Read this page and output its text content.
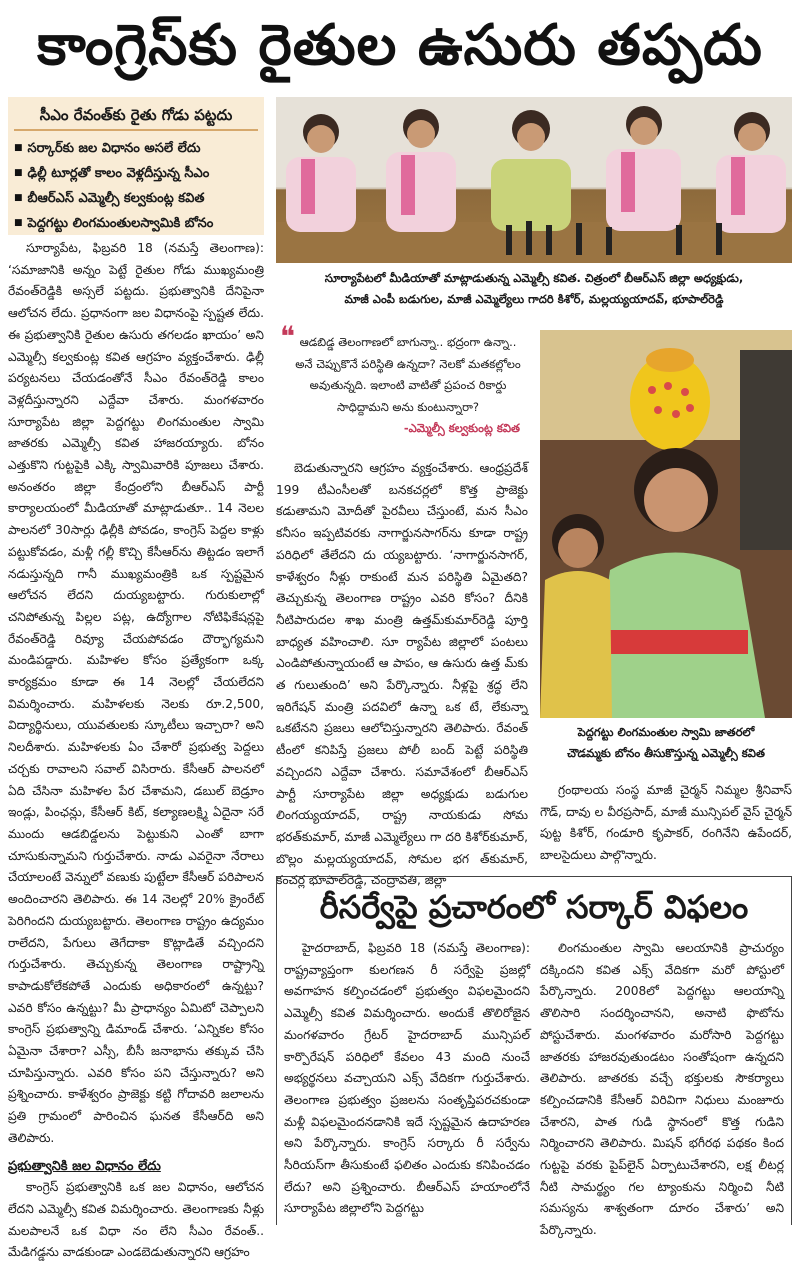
కాంగ్రెస్‌కు రైతుల ఉసురు తప్పదు
సీఎం రేవంత్‌కు రైతు గోడు పట్టదు
■ సర్కార్‌కు జల విధానం అసలే లేదు
■ ఢిల్లీ టూర్లతో కాలం వెళ్లదీస్తున్న సీఎం
■ బీఆర్‌ఎస్ ఎమ్మెల్సీ కల్వకుంట్ల కవిత
■ పెద్దగట్టు లింగమంతులస్వామికి బోనం
సూర్యాపేటలో మీడియాతో మాట్లాడుతున్న ఎమ్మెల్సీ కవిత. చిత్రంలో బీఆర్‌ఎస్ జిల్లా అధ్యక్షుడు,
మాజీ ఎంపీ బడుగుల, మాజీ ఎమ్మెల్యేలు గాదరి కిశోర్, మల్లయ్యయాదవ్, భూపాల్‌రెడ్డి

సూర్యాపేట, ఫిబ్రవరి 18 (నమస్తే తెలంగాణ): ‘సమాజానికి అన్నం పెట్టే రైతుల గోడు ముఖ్యమంత్రి రేవంత్‌రెడ్డికి అస్సలే పట్టదు. ప్రభుత్వానికి దేనిపైనా ఆలోచన లేదు. ప్రధానంగా జల విధానంపై స్పష్టత లేదు. ఈ ప్రభుత్వానికి రైతుల ఉసురు తగలడం ఖాయం’ అని ఎమ్మెల్సీ కల్వకుంట్ల కవిత ఆగ్రహం వ్యక్తంచేశారు. ఢిల్లీ పర్యటనలు చేయడంతోనే సీఎం రేవంత్‌రెడ్డి కాలం వెళ్లదీస్తున్నారని ఎద్దేవా చేశారు. మంగళవారం సూర్యాపేట జిల్లా పెద్దగట్టు లింగమంతుల స్వామి జాతరకు ఎమ్మెల్సీ కవిత హాజరయ్యారు. బోనం ఎత్తుకొని గుట్టపైకి ఎక్కి స్వామివారికి పూజలు చేశారు. అనంతరం జిల్లా కేంద్రంలోని బీఆర్‌ఎస్ పార్టీ కార్యాలయంలో మీడియాతో మాట్లాడుతూ.. 14 నెలల పాలనలో 30సార్లు ఢిల్లీకి పోవడం, కాంగ్రెస్ పెద్దల కాళ్లు పట్టుకోవడం, మళ్లీ గల్లీ కొచ్చి కేసీఆర్‌ను తిట్టడం ఇలాగే నడుస్తున్నది గానీ ముఖ్యమంత్రికి ఒక స్పష్టమైన ఆలోచన లేదని దుయ్యబట్టారు. గురుకులాల్లో చనిపోతున్న పిల్లల పట్ల, ఉద్యోగాల నోటిఫికేషన్లపై రేవంత్‌రెడ్డి రివ్యూ చేయపోవడం దౌర్భాగ్యమని మండిపడ్డారు. మహిళల కోసం ప్రత్యేకంగా ఒక్క కార్యక్రమం కూడా ఈ 14 నెలల్లో చేయలేదని విమర్శించారు. మహిళలకు నెలకు రూ.2,500, విద్యార్థినులు, యువతులకు స్కూటీలు ఇచ్చారా? అని నిలదీశారు. మహిళలకు ఏం చేశారో ప్రభుత్వ పెద్దలు చర్చకు రావాలని సవాల్ విసిరారు. కేసీఆర్ పాలనలో ఏది చేసినా మహిళల పేర చేశామని, డబుల్ బెడ్రూం ఇండ్లు, పింఛన్లు, కేసీఆర్ కిట్, కల్యాణలక్ష్మి ఏదైనా సరే ముందు ఆడబిడ్డలను పెట్టుకుని ఎంతో బాగా చూసుకున్నామని గుర్తుచేశారు. నాడు ఎవరైనా నేరాలు చేయాలంటే వెన్నులో వణుకు పుట్టేలా కేసీఆర్ పరిపాలన అందించారని తెలిపారు. ఈ 14 నెలల్లో 20% క్రైంరేట్ పెరిగిందని దుయ్యబట్టారు. తెలంగాణ రాష్ట్రం ఉద్యమం రాలేదని, పేగులు తెగేదాకా కొట్లాడితే వచ్చిందని గుర్తుచేశారు. తెచ్చుకున్న తెలంగాణ రాష్ట్రాన్ని కాపాడుకోలేకపోతే ఎందుకు అధికారంలో ఉన్నట్టు? ఎవరి కోసం ఉన్నట్టు? మీ ప్రాధాన్యం ఏమిటో చెప్పాలని కాంగ్రెస్ ప్రభుత్వాన్ని డిమాండ్ చేశారు. ‘ఎన్నికల కోసం ఏమైనా చేశారా? ఎస్సీ, బీసీ జనాభాను తక్కువ చేసి చూపిస్తున్నారు. ఎవరి కోసం పని చేస్తున్నారు? అని ప్రశ్నించారు. కాళేశ్వరం ప్రాజెక్టు కట్టి గోదావరి జలాలను ప్రతి గ్రామంలో పారించిన ఘనత కేసీఆర్‌ది అని తెలిపారు.

ప్రభుత్వానికి జల విధానం లేదు

కాంగ్రెస్ ప్రభుత్వానికి ఒక జల విధానం, ఆలోచన లేదని ఎమ్మెల్సీ కవిత విమర్శించారు. తెలంగాణకు నీళ్లు మలపాలనే ఒక విధా నం లేని సీఎం రేవంత్.. మేడిగడ్డను వాడకుండా ఎండబెడుతున్నారని ఆగ్రహం

❝ ఆడబిడ్డ తెలంగాణలో బాగున్నా.. భద్రంగా ఉన్నా.. అనే చెప్పుకొనే పరిస్థితి ఉన్నదా? నెలకో మతకల్లోలం అవుతున్నది. ఇలాంటి వాటితో ప్రపంచ రికార్డు సాధిద్దామని అను కుంటున్నారా?
-ఎమ్మెల్సీ కల్వకుంట్ల కవిత

బెడుతున్నారని ఆగ్రహం వ్యక్తంచేశారు. ఆంధ్రప్రదేశ్ 199 టీఎంసీలతో బనకచర్లలో కొత్త ప్రాజెక్టు కడుతామని మోదీతో పైరవీలు చేస్తుంటే, మన సీఎం కనీసం ఇప్పటివరకు నాగార్జునసాగర్‌ను కూడా రాష్ట్ర పరిధిలో తేలేదని దు య్యబట్టారు. ‘నాగార్జునసాగర్, కాళేశ్వరం నీళ్లు రాకుంటే మన పరిస్థితి ఏమైతది? తెచ్చుకున్న తెలంగాణ రాష్ట్రం ఎవరి కోసం? దీనికి నీటిపారుదల శాఖ మంత్రి ఉత్తమ్‌కుమార్‌రెడ్డి పూర్తి బాధ్యత వహించాలి. సూ ర్యాపేట జిల్లాలో పంటలు ఎండిపోతున్నాయంటే ఆ పాపం, ఆ ఉసురు ఉత్త మ్‌కు త గులుతుంది’ అని పేర్కొన్నారు. నీళ్లపై శ్రద్ధ లేని ఇరిగేషన్ మంత్రి పదవిలో ఉన్నా ఒక టే, లేకున్నా ఒకటేనని ప్రజలు ఆలోచిస్తున్నారని తెలిపారు. రేవంత్ టీంలో కనిపిస్తే ప్రజలు పోలీ బంద్ పెట్టే పరిస్థితి వచ్చిందని ఎద్దేవా చేశారు. సమావేశంలో బీఆర్‌ఎస్ పార్టీ సూర్యాపేట జిల్లా అధ్యక్షుడు బడుగుల లింగయ్యయాదవ్, రాష్ట్ర నాయకుడు సోమ భరత్‌కుమార్, మాజీ ఎమ్మెల్యేలు గా దరి కిశోర్‌కుమార్, బొల్లం మల్లయ్యయాదవ్, సోమల భగ త్‌కుమార్, కంచర్ల భూపాల్‌రెడ్డి, చంద్రావతి, జిల్లా

పెద్దగట్టు లింగమంతుల స్వామి జాతరలో
చౌడమ్మకు బోనం తీసుకొస్తున్న ఎమ్మెల్సీ కవిత

గ్రంథాలయ సంస్థ మాజీ చైర్మన్ నిమ్మల శ్రీనివాస్ గౌడ్, దావు ల వీరప్రసాద్, మాజీ మున్సిపల్ వైస్ చైర్మన్ పుట్ట కిశోర్, గండూరి కృపాకర్, రంగినేని ఉపేందర్, బాలసైదులు పాల్గొన్నారు.

రీసర్వేపై ప్రచారంలో సర్కార్ విఫలం

హైదరాబాద్, ఫిబ్రవరి 18 (నమస్తే తెలంగాణ): రాష్ట్రవ్యాప్తంగా కులగణన రీ సర్వేపై ప్రజల్లో అవగాహన కల్పించడంలో ప్రభుత్వం విఫలమైందని ఎమ్మెల్సీ కవిత విమర్శించారు. అందుకే తొలిరోజైన మంగళవారం గ్రేటర్ హైదరాబాద్ మున్సిపల్ కార్పొరేషన్ పరిధిలో కేవలం 43 మంది నుంచే అభ్యర్థనలు వచ్చాయని ఎక్స్ వేదికగా గుర్తుచేశారు. తెలంగాణ ప్రభుత్వం ప్రజలను సంతృప్తిపరచకుండా మళ్లీ విఫలమైందనడానికి ఇదే స్పష్టమైన ఉదాహరణ అని పేర్కొన్నారు. కాంగ్రెస్ సర్కారు రీ సర్వేను సీరియస్‌గా తీసుకుంటే ఫలితం ఎందుకు కనిపించడం లేదు? అని ప్రశ్నించారు. బీఆర్‌ఎస్ హయాంలోనే సూర్యాపేట జిల్లాలోని పెద్దగట్టు

లింగమంతుల స్వామి ఆలయానికి ప్రాచుర్యం దక్కిందని కవిత ఎక్స్ వేదికగా మరో పోస్టులో పేర్కొన్నారు. 2008లో పెద్దగట్టు ఆలయాన్ని తొలిసారి సందర్శించానని, అనాటి ఫొటోను పోస్టుచేశారు. మంగళవారం మరోసారి పెద్దగట్టు జాతరకు హాజరవుతుండటం సంతోషంగా ఉన్నదని తెలిపారు. జాతరకు వచ్చే భక్తులకు సౌకర్యాలు కల్పించడానికి కేసీఆర్ విరివిగా నిధులు మంజూరు చేశారని, పాత గుడి స్థానంలో కొత్త గుడిని నిర్మించారని తెలిపారు. మిషన్ భగీరథ పథకం కింద గుట్టపై వరకు పైప్‌లైన్ ఏర్పాటుచేశారని, లక్ష లీటర్ల నీటి సామర్థ్యం గల ట్యాంకును నిర్మించి నీటి సమస్యను శాశ్వతంగా దూరం చేశారు’ అని పేర్కొన్నారు.
